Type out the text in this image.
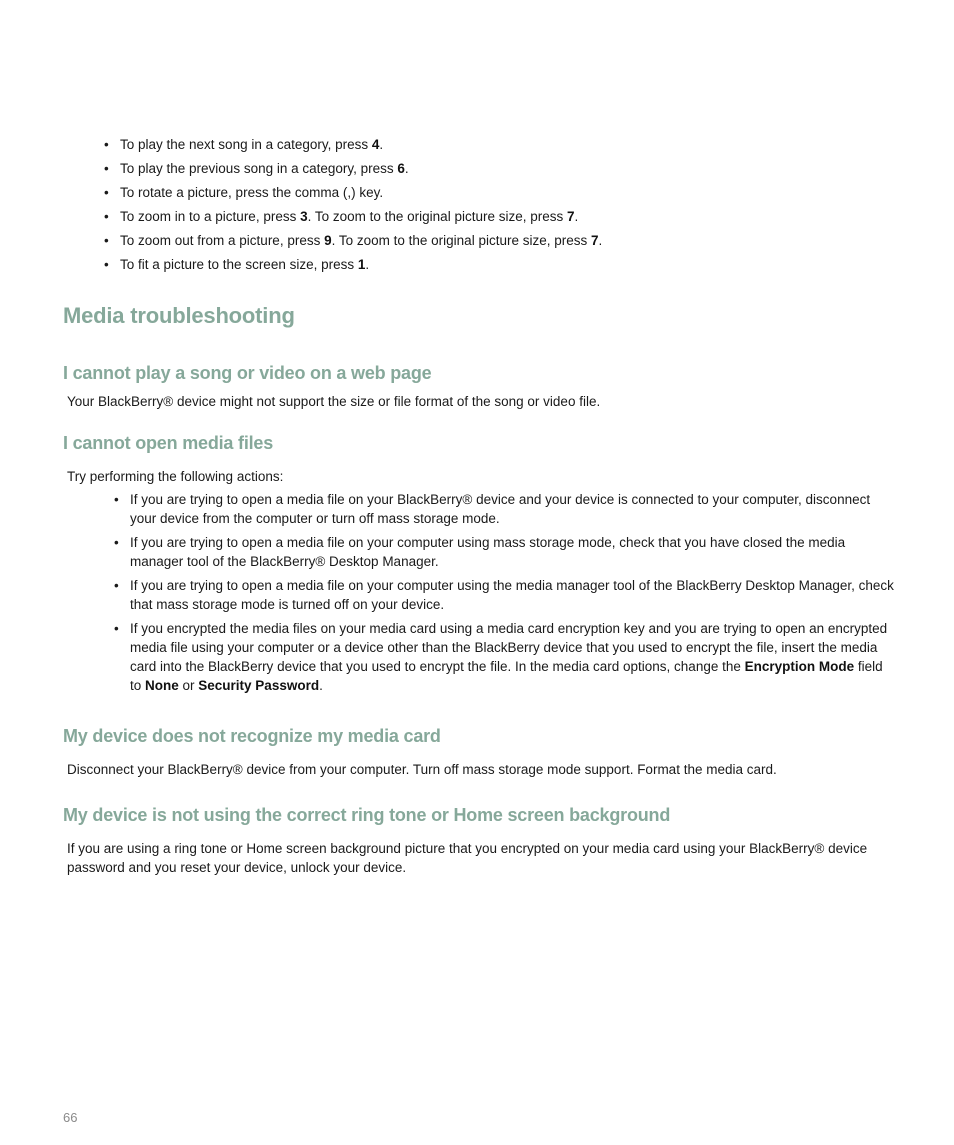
• To play the next song in a category, press 4.
• To play the previous song in a category, press 6.
• To rotate a picture, press the comma (,) key.
• To zoom in to a picture, press 3. To zoom to the original picture size, press 7.
• To zoom out from a picture, press 9. To zoom to the original picture size, press 7.
• To fit a picture to the screen size, press 1.
Media troubleshooting
I cannot play a song or video on a web page

Your BlackBerry® device might not support the size or file format of the song or video file.

I cannot open media files

Try performing the following actions:

• If you are trying to open a media file on your BlackBerry® device and your device is connected to your computer, disconnect your device from the computer or turn off mass storage mode.
• If you are trying to open a media file on your computer using mass storage mode, check that you have closed the media manager tool of the BlackBerry® Desktop Manager.
• If you are trying to open a media file on your computer using the media manager tool of the BlackBerry Desktop Manager, check that mass storage mode is turned off on your device.
• If you encrypted the media files on your media card using a media card encryption key and you are trying to open an encrypted media file using your computer or a device other than the BlackBerry device that you used to encrypt the file, insert the media card into the BlackBerry device that you used to encrypt the file. In the media card options, change the Encryption Mode field to None or Security Password.
My device does not recognize my media card

Disconnect your BlackBerry® device from your computer. Turn off mass storage mode support. Format the media card.

My device is not using the correct ring tone or Home screen background

If you are using a ring tone or Home screen background picture that you encrypted on your media card using your BlackBerry® device password and you reset your device, unlock your device.

66
